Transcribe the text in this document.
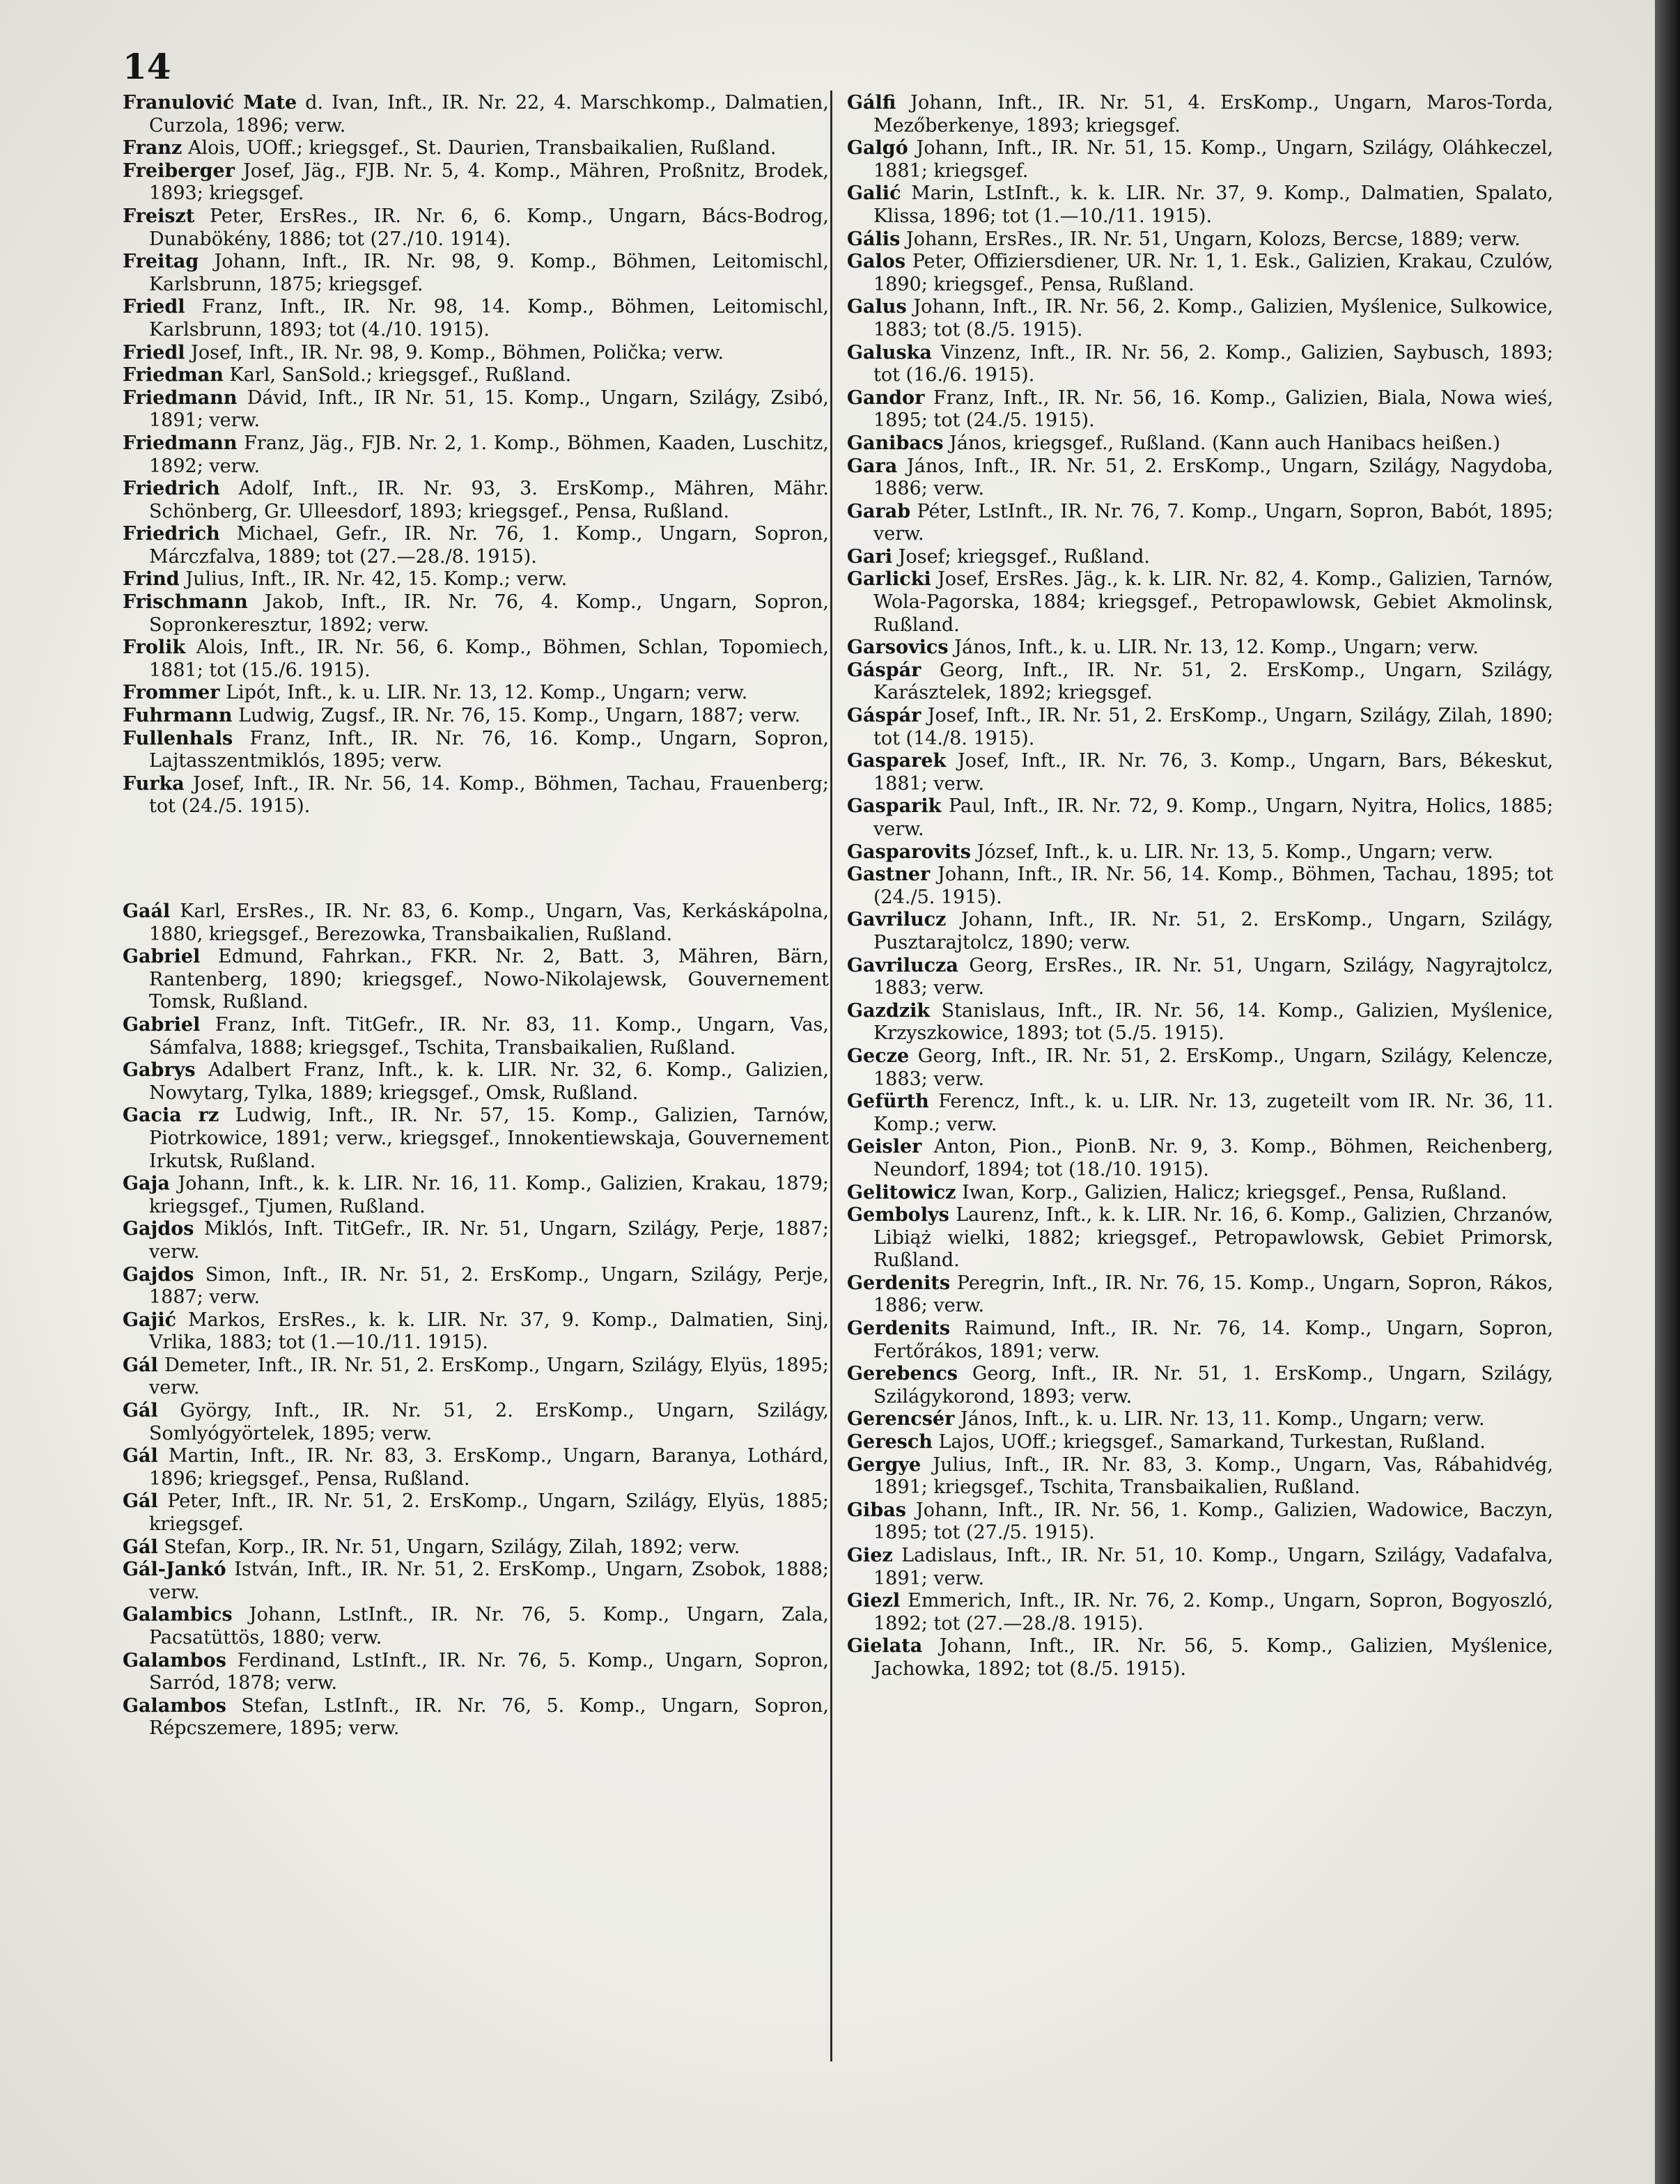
14

Franulović Mate d. Ivan, Inft., IR. Nr. 22, 4. Marschkomp., Dalmatien, Curzola, 1896; verw.

Franz Alois, UOff.; kriegsgef., St. Daurien, Transbaikalien, Rußland.

Freiberger Josef, Jäg., FJB. Nr. 5, 4. Komp., Mähren, Proßnitz, Brodek, 1893; kriegsgef.

Freiszt Peter, ErsRes., IR. Nr. 6, 6. Komp., Ungarn, Bács-Bodrog, Dunabökény, 1886; tot (27./10. 1914).

Freitag Johann, Inft., IR. Nr. 98, 9. Komp., Böhmen, Leitomischl, Karlsbrunn, 1875; kriegsgef.

Friedl Franz, Inft., IR. Nr. 98, 14. Komp., Böhmen, Leitomischl, Karlsbrunn, 1893; tot (4./10. 1915).

Friedl Josef, Inft., IR. Nr. 98, 9. Komp., Böhmen, Polička; verw.

Friedman Karl, SanSold.; kriegsgef., Rußland.

Friedmann Dávid, Inft., IR Nr. 51, 15. Komp., Ungarn, Szilágy, Zsibó, 1891; verw.

Friedmann Franz, Jäg., FJB. Nr. 2, 1. Komp., Böhmen, Kaaden, Luschitz, 1892; verw.

Friedrich Adolf, Inft., IR. Nr. 93, 3. ErsKomp., Mähren, Mähr. Schönberg, Gr. Ulleesdorf, 1893; kriegsgef., Pensa, Rußland.

Friedrich Michael, Gefr., IR. Nr. 76, 1. Komp., Ungarn, Sopron, Márczfalva, 1889; tot (27.—28./8. 1915).

Frind Julius, Inft., IR. Nr. 42, 15. Komp.; verw.

Frischmann Jakob, Inft., IR. Nr. 76, 4. Komp., Ungarn, Sopron, Sopronkeresztur, 1892; verw.

Frolik Alois, Inft., IR. Nr. 56, 6. Komp., Böhmen, Schlan, Topomiech, 1881; tot (15./6. 1915).

Frommer Lipót, Inft., k. u. LIR. Nr. 13, 12. Komp., Ungarn; verw.

Fuhrmann Ludwig, Zugsf., IR. Nr. 76, 15. Komp., Ungarn, 1887; verw.

Fullenhals Franz, Inft., IR. Nr. 76, 16. Komp., Ungarn, Sopron, Lajtasszentmiklós, 1895; verw.

Furka Josef, Inft., IR. Nr. 56, 14. Komp., Böhmen, Tachau, Frauenberg; tot (24./5. 1915).

Gaál Karl, ErsRes., IR. Nr. 83, 6. Komp., Ungarn, Vas, Kerkáskápolna, 1880, kriegsgef., Berezowka, Transbaikalien, Rußland.

Gabriel Edmund, Fahrkan., FKR. Nr. 2, Batt. 3, Mähren, Bärn, Rantenberg, 1890; kriegsgef., Nowo-Nikolajewsk, Gouvernement Tomsk, Rußland.

Gabriel Franz, Inft. TitGefr., IR. Nr. 83, 11. Komp., Ungarn, Vas, Sámfalva, 1888; kriegsgef., Tschita, Transbaikalien, Rußland.

Gabrys Adalbert Franz, Inft., k. k. LIR. Nr. 32, 6. Komp., Galizien, Nowytarg, Tylka, 1889; kriegsgef., Omsk, Rußland.

Gacia rz Ludwig, Inft., IR. Nr. 57, 15. Komp., Galizien, Tarnów, Piotrkowice, 1891; verw., kriegsgef., Innokentiewskaja, Gouvernement Irkutsk, Rußland.

Gaja Johann, Inft., k. k. LIR. Nr. 16, 11. Komp., Galizien, Krakau, 1879; kriegsgef., Tjumen, Rußland.

Gajdos Miklós, Inft. TitGefr., IR. Nr. 51, Ungarn, Szilágy, Perje, 1887; verw.

Gajdos Simon, Inft., IR. Nr. 51, 2. ErsKomp., Ungarn, Szilágy, Perje, 1887; verw.

Gajić Markos, ErsRes., k. k. LIR. Nr. 37, 9. Komp., Dalmatien, Sinj, Vrlika, 1883; tot (1.—10./11. 1915).

Gál Demeter, Inft., IR. Nr. 51, 2. ErsKomp., Ungarn, Szilágy, Elyüs, 1895; verw.

Gál György, Inft., IR. Nr. 51, 2. ErsKomp., Ungarn, Szilágy, Somlyógyörtelek, 1895; verw.

Gál Martin, Inft., IR. Nr. 83, 3. ErsKomp., Ungarn, Baranya, Lothárd, 1896; kriegsgef., Pensa, Rußland.

Gál Peter, Inft., IR. Nr. 51, 2. ErsKomp., Ungarn, Szilágy, Elyüs, 1885; kriegsgef.

Gál Stefan, Korp., IR. Nr. 51, Ungarn, Szilágy, Zilah, 1892; verw.

Gál-Jankó István, Inft., IR. Nr. 51, 2. ErsKomp., Ungarn, Zsobok, 1888; verw.

Galambics Johann, LstInft., IR. Nr. 76, 5. Komp., Ungarn, Zala, Pacsatüttös, 1880; verw.

Galambos Ferdinand, LstInft., IR. Nr. 76, 5. Komp., Ungarn, Sopron, Sarród, 1878; verw.

Galambos Stefan, LstInft., IR. Nr. 76, 5. Komp., Ungarn, Sopron, Répcszemere, 1895; verw.

Gálfi Johann, Inft., IR. Nr. 51, 4. ErsKomp., Ungarn, Maros-Torda, Mezőberkenye, 1893; kriegsgef.

Galgó Johann, Inft., IR. Nr. 51, 15. Komp., Ungarn, Szilágy, Oláhkeczel, 1881; kriegsgef.

Galić Marin, LstInft., k. k. LIR. Nr. 37, 9. Komp., Dalmatien, Spalato, Klissa, 1896; tot (1.—10./11. 1915).

Gális Johann, ErsRes., IR. Nr. 51, Ungarn, Kolozs, Bercse, 1889; verw.

Galos Peter, Offiziersdiener, UR. Nr. 1, 1. Esk., Galizien, Krakau, Czulów, 1890; kriegsgef., Pensa, Rußland.

Galus Johann, Inft., IR. Nr. 56, 2. Komp., Galizien, Myślenice, Sulkowice, 1883; tot (8./5. 1915).

Galuska Vinzenz, Inft., IR. Nr. 56, 2. Komp., Galizien, Saybusch, 1893; tot (16./6. 1915).

Gandor Franz, Inft., IR. Nr. 56, 16. Komp., Galizien, Biala, Nowa wieś, 1895; tot (24./5. 1915).

Ganibacs János, kriegsgef., Rußland. (Kann auch Hanibacs heißen.)

Gara János, Inft., IR. Nr. 51, 2. ErsKomp., Ungarn, Szilágy, Nagydoba, 1886; verw.

Garab Péter, LstInft., IR. Nr. 76, 7. Komp., Ungarn, Sopron, Babót, 1895; verw.

Gari Josef; kriegsgef., Rußland.

Garlicki Josef, ErsRes. Jäg., k. k. LIR. Nr. 82, 4. Komp., Galizien, Tarnów, Wola-Pagorska, 1884; kriegsgef., Petropawlowsk, Gebiet Akmolinsk, Rußland.

Garsovics János, Inft., k. u. LIR. Nr. 13, 12. Komp., Ungarn; verw.

Gáspár Georg, Inft., IR. Nr. 51, 2. ErsKomp., Ungarn, Szilágy, Karásztelek, 1892; kriegsgef.

Gáspár Josef, Inft., IR. Nr. 51, 2. ErsKomp., Ungarn, Szilágy, Zilah, 1890; tot (14./8. 1915).

Gasparek Josef, Inft., IR. Nr. 76, 3. Komp., Ungarn, Bars, Békeskut, 1881; verw.

Gasparik Paul, Inft., IR. Nr. 72, 9. Komp., Ungarn, Nyitra, Holics, 1885; verw.

Gasparovits József, Inft., k. u. LIR. Nr. 13, 5. Komp., Ungarn; verw.

Gastner Johann, Inft., IR. Nr. 56, 14. Komp., Böhmen, Tachau, 1895; tot (24./5. 1915).

Gavrilucz Johann, Inft., IR. Nr. 51, 2. ErsKomp., Ungarn, Szilágy, Pusztarajtolcz, 1890; verw.

Gavrilucza Georg, ErsRes., IR. Nr. 51, Ungarn, Szilágy, Nagyrajtolcz, 1883; verw.

Gazdzik Stanislaus, Inft., IR. Nr. 56, 14. Komp., Galizien, Myślenice, Krzyszkowice, 1893; tot (5./5. 1915).

Gecze Georg, Inft., IR. Nr. 51, 2. ErsKomp., Ungarn, Szilágy, Kelencze, 1883; verw.

Gefürth Ferencz, Inft., k. u. LIR. Nr. 13, zugeteilt vom IR. Nr. 36, 11. Komp.; verw.

Geisler Anton, Pion., PionB. Nr. 9, 3. Komp., Böhmen, Reichenberg, Neundorf, 1894; tot (18./10. 1915).

Gelitowicz Iwan, Korp., Galizien, Halicz; kriegsgef., Pensa, Rußland.

Gembolys Laurenz, Inft., k. k. LIR. Nr. 16, 6. Komp., Galizien, Chrzanów, Libiąż wielki, 1882; kriegsgef., Petropawlowsk, Gebiet Primorsk, Rußland.

Gerdenits Peregrin, Inft., IR. Nr. 76, 15. Komp., Ungarn, Sopron, Rákos, 1886; verw.

Gerdenits Raimund, Inft., IR. Nr. 76, 14. Komp., Ungarn, Sopron, Fertőrákos, 1891; verw.

Gerebencs Georg, Inft., IR. Nr. 51, 1. ErsKomp., Ungarn, Szilágy, Szilágykorond, 1893; verw.

Gerencsér János, Inft., k. u. LIR. Nr. 13, 11. Komp., Ungarn; verw.

Geresch Lajos, UOff.; kriegsgef., Samarkand, Turkestan, Rußland.

Gergye Julius, Inft., IR. Nr. 83, 3. Komp., Ungarn, Vas, Rábahidvég, 1891; kriegsgef., Tschita, Transbaikalien, Rußland.

Gibas Johann, Inft., IR. Nr. 56, 1. Komp., Galizien, Wadowice, Baczyn, 1895; tot (27./5. 1915).

Giez Ladislaus, Inft., IR. Nr. 51, 10. Komp., Ungarn, Szilágy, Vadafalva, 1891; verw.

Giezl Emmerich, Inft., IR. Nr. 76, 2. Komp., Ungarn, Sopron, Bogyoszló, 1892; tot (27.—28./8. 1915).

Gielata Johann, Inft., IR. Nr. 56, 5. Komp., Galizien, Myślenice, Jachowka, 1892; tot (8./5. 1915).
